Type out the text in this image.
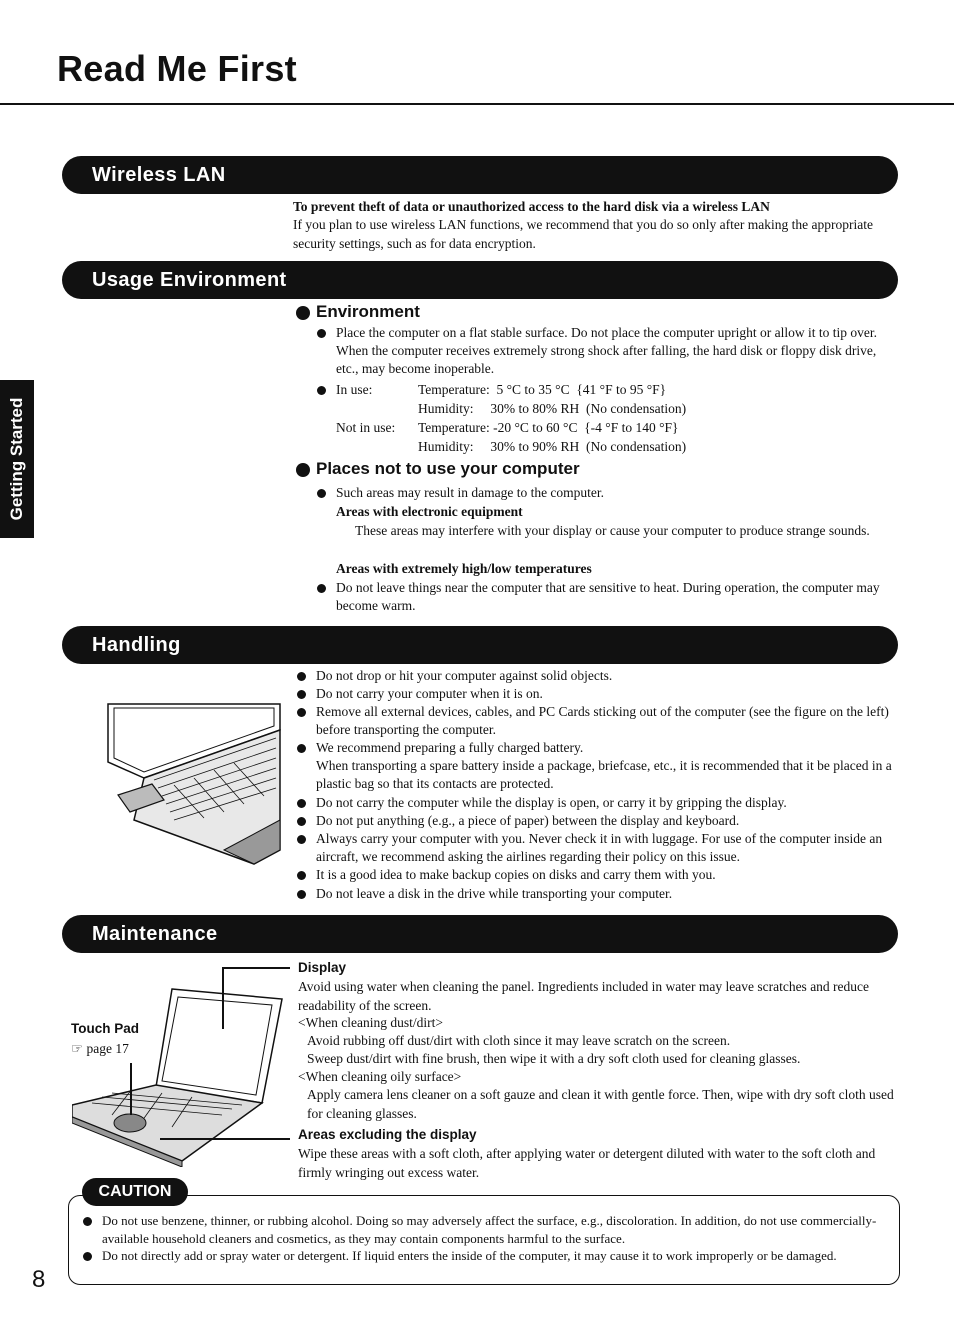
Read Me First
Getting Started
Wireless LAN
To prevent theft of data or unauthorized access to the hard disk via a wireless LAN
If you plan to use wireless LAN functions, we recommend that you do so only after making the appropriate security settings, such as for data encryption.
Usage Environment
Environment
Place the computer on a flat stable surface. Do not place the computer upright or allow it to tip over. When the computer receives extremely strong shock after falling, the hard disk or floppy disk drive, etc., may become inoperable.
In use:	Temperature:  5 °C to 35 °C  {41 °F to 95 °F}
Humidity:     30% to 80% RH  (No condensation)
Not in use: Temperature: -20 °C to 60 °C  {-4 °F to 140 °F}
Humidity:     30% to 90% RH  (No condensation)
Places not to use your computer
Such areas may result in damage to the computer.
Areas with electronic equipment
These areas may interfere with your display or cause your computer to produce strange sounds.
Areas with extremely high/low temperatures
Do not leave things near the computer that are sensitive to heat. During operation, the computer may become warm.
Handling
Do not drop or hit your computer against solid objects.
Do not carry your computer when it is on.
Remove all external devices, cables, and PC Cards sticking out of the computer (see the figure on the left) before transporting the computer.
We recommend preparing a fully charged battery.
When transporting a spare battery inside a package, briefcase, etc., it is recommended that it be placed in a plastic bag so that its contacts are protected.
Do not carry the computer while the display is open, or carry it by gripping the display.
Do not put anything (e.g., a piece of paper) between the display and keyboard.
Always carry your computer with you. Never check it in with luggage. For use of the computer inside an aircraft, we recommend asking the airlines regarding their policy on this issue.
It is a good idea to make backup copies on disks and carry them with you.
Do not leave a disk in the drive while transporting your computer.
Maintenance
Touch Pad
☞ page 17
Display
Avoid using water when cleaning the panel. Ingredients included in water may leave scratches and reduce readability of the screen.
<When cleaning dust/dirt>
Avoid rubbing off dust/dirt with cloth since it may leave scratch on the screen.
Sweep dust/dirt with fine brush, then wipe it with a dry soft cloth used for cleaning glasses.
<When cleaning oily surface>
Apply camera lens cleaner on a soft gauze and clean it with gentle force. Then, wipe with dry soft cloth used for cleaning glasses.
Areas excluding the display
Wipe these areas with a soft cloth, after applying water or detergent diluted with water to the soft cloth and firmly wringing out excess water.
CAUTION
Do not use benzene, thinner, or rubbing alcohol. Doing so may adversely affect the surface, e.g., discoloration. In addition, do not use commercially-available household cleaners and cosmetics, as they may contain components harmful to the surface.
Do not directly add or spray water or detergent. If liquid enters the inside of the computer, it may cause it to work improperly or be damaged.
8
